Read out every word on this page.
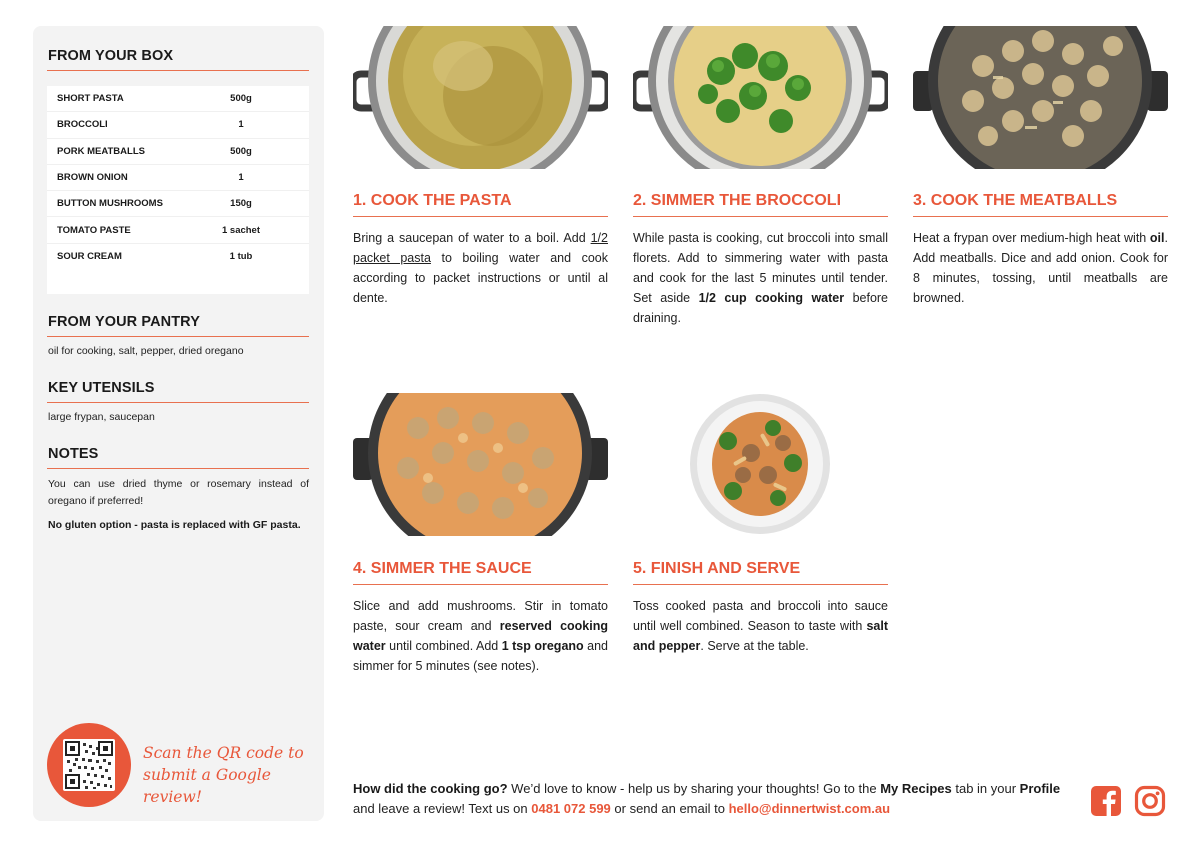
FROM YOUR BOX
SHORT PASTA	500g
BROCCOLI	1
PORK MEATBALLS	500g
BROWN ONION	1
BUTTON MUSHROOMS	150g
TOMATO PASTE	1 sachet
SOUR CREAM	1 tub
FROM YOUR PANTRY
oil for cooking, salt, pepper, dried oregano
KEY UTENSILS
large frypan, saucepan
NOTES
You can use dried thyme or rosemary instead of oregano if preferred!
No gluten option - pasta is replaced with GF pasta.
Scan the QR code to
submit a Google review!
1. COOK THE PASTA
Bring a saucepan of water to a boil. Add 1/2 packet pasta to boiling water and cook according to packet instructions or until al dente.
2. SIMMER THE BROCCOLI
While pasta is cooking, cut broccoli into small florets. Add to simmering water with pasta and cook for the last 5 minutes until tender. Set aside 1/2 cup cooking water before draining.
3. COOK THE MEATBALLS
Heat a frypan over medium-high heat with oil. Add meatballs. Dice and add onion. Cook for 8 minutes, tossing, until meatballs are browned.
4. SIMMER THE SAUCE
Slice and add mushrooms. Stir in tomato paste, sour cream and reserved cooking water until combined. Add 1 tsp oregano and simmer for 5 minutes (see notes).
5. FINISH AND SERVE
Toss cooked pasta and broccoli into sauce until well combined. Season to taste with salt and pepper. Serve at the table.
How did the cooking go? We’d love to know - help us by sharing your thoughts! Go to the My Recipes tab in your Profile and leave a review! Text us on 0481 072 599 or send an email to hello@dinnertwist.com.au
